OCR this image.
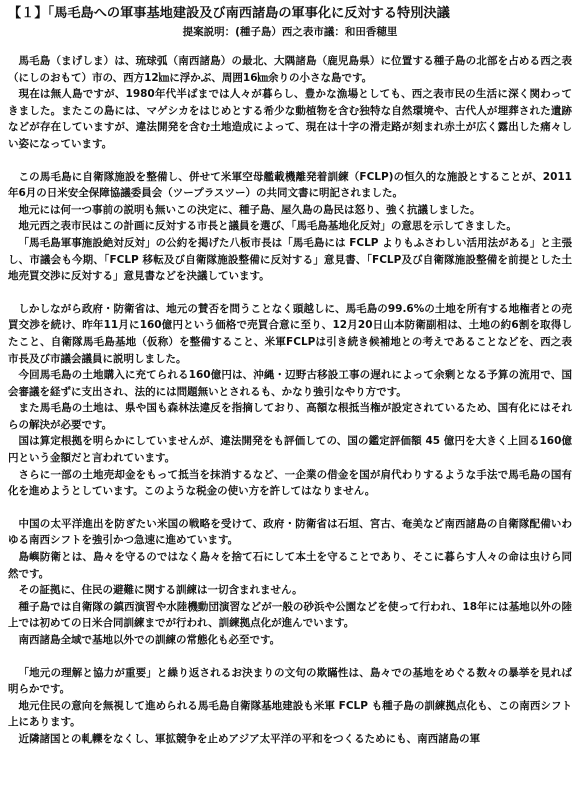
【１】「馬毛島への軍事基地建設及び南西諸島の軍事化に反対する特別決議

提案説明：(種子島）西之表市議：和田香穂里

馬毛島（まげしま）は、琉球弧（南西諸島）の最北、大隅諸島（鹿児島県）に位置する種子島の北部を占める西之表（にしのおもて）市の、西方12㎞に浮かぶ、周囲16㎞余りの小さな島です。

現在は無人島ですが、1980年代半ばまでは人々が暮らし、豊かな漁場としても、西之表市民の生活に深く関わってきました。またこの島には、マゲシカをはじめとする希少な動植物を含む独特な自然環境や、古代人が埋葬された遺跡などが存在していますが、違法開発を含む土地造成によって、現在は十字の滑走路が刻まれ赤土が広く露出した痛々しい姿になっています。

この馬毛島に自衛隊施設を整備し、併せて米軍空母艦載機離発着訓練（FCLP)の恒久的な施設とすることが、2011年6月の日米安全保障協議委員会（ツープラスツー）の共同文書に明記されました。

地元には何一つ事前の説明も無いこの決定に、種子島、屋久島の島民は怒り、強く抗議しました。

地元西之表市民はこの計画に反対する市長と議員を選び、「馬毛島基地化反対」の意思を示してきました。

「馬毛島軍事施設絶対反対」の公約を掲げた八板市長は「馬毛島には FCLP よりもふさわしい活用法がある」と主張し、市議会も今期、「FCLP 移転及び自衛隊施設整備に反対する」意見書、「FCLP及び自衛隊施設整備を前提とした土地売買交渉に反対する」意見書などを決議しています。

しかしながら政府・防衛省は、地元の賛否を問うことなく頭越しに、馬毛島の99.6%の土地を所有する地権者との売買交渉を続け、昨年11月に160億円という価格で売買合意に至り、12月20日山本防衛副相は、土地の約6割を取得したこと、自衛隊馬毛島基地（仮称）を整備すること、米軍FCLPは引き続き候補地との考えであることなどを、西之表市長及び市議会議員に説明しました。

今回馬毛島の土地購入に充てられる160億円は、沖縄・辺野古移設工事の遅れによって余剰となる予算の流用で、国会審議を経ずに支出され、法的には問題無いとされるも、かなり強引なやり方です。

また馬毛島の土地は、県や国も森林法違反を指摘しており、高額な根抵当権が設定されているため、国有化にはそれらの解決が必要です。

国は算定根拠を明らかにしていませんが、違法開発をも評価しての、国の鑑定評価額 45 億円を大きく上回る160億円という金額だと言われています。

さらに一部の土地売却金をもって抵当を抹消するなど、一企業の借金を国が肩代わりするような手法で馬毛島の国有化を進めようとしています。このような税金の使い方を許してはなりません。

中国の太平洋進出を防ぎたい米国の戦略を受けて、政府・防衛省は石垣、宮古、奄美など南西諸島の自衛隊配備いわゆる南西シフトを強引かつ急速に進めています。

島嶼防衛とは、島々を守るのではなく島々を捨て石にして本土を守ることであり、そこに暮らす人々の命は虫けら同然です。

その証拠に、住民の避難に関する訓練は一切含まれません。

種子島では自衛隊の鎮西演習や水陸機動団演習などが一般の砂浜や公園などを使って行われ、18年には基地以外の陸上では初めての日米合同訓練までが行われ、訓練拠点化が進んでいます。

南西諸島全域で基地以外での訓練の常態化も必至です。

「地元の理解と協力が重要」と繰り返されるお決まりの文句の欺瞞性は、島々での基地をめぐる数々の暴挙を見れば明らかです。

地元住民の意向を無視して進められる馬毛島自衛隊基地建設も米軍 FCLP も種子島の訓練拠点化も、この南西シフト上にあります。

近隣諸国との軋轢をなくし、軍拡競争を止めアジア太平洋の平和をつくるためにも、南西諸島の軍
